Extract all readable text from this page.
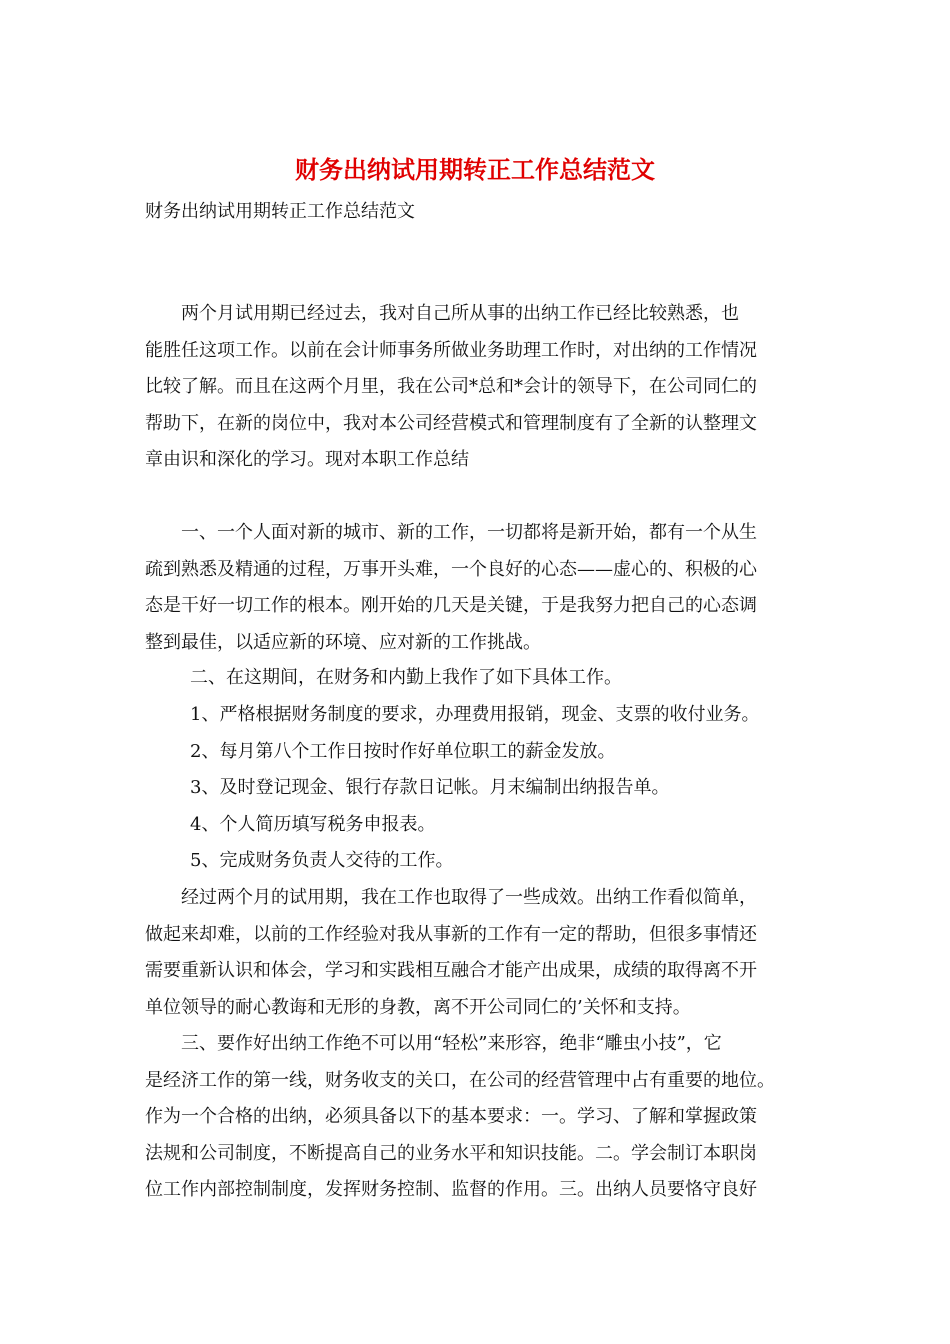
财务出纳试用期转正工作总结范文
财务出纳试用期转正工作总结范文

　　两个月试用期已经过去，我对自己所从事的出纳工作已经比较熟悉，也
能胜任这项工作。以前在会计师事务所做业务助理工作时，对出纳的工作情况
比较了解。而且在这两个月里，我在公司*总和*会计的领导下，在公司同仁的
帮助下，在新的岗位中，我对本公司经营模式和管理制度有了全新的认整理文
章由识和深化的学习。现对本职工作总结

　　一、一个人面对新的城市、新的工作，一切都将是新开始，都有一个从生
疏到熟悉及精通的过程，万事开头难，一个良好的心态——虚心的、积极的心
态是干好一切工作的根本。刚开始的几天是关键，于是我努力把自己的心态调
整到最佳，以适应新的环境、应对新的工作挑战。

二、在这期间，在财务和内勤上我作了如下具体工作。
1、严格根据财务制度的要求，办理费用报销，现金、支票的收付业务。
2、每月第八个工作日按时作好单位职工的薪金发放。
3、及时登记现金、银行存款日记帐。月末编制出纳报告单。
4、个人简历填写税务申报表。
5、完成财务负责人交待的工作。

　　经过两个月的试用期，我在工作也取得了一些成效。出纳工作看似简单，
做起来却难，以前的工作经验对我从事新的工作有一定的帮助，但很多事情还
需要重新认识和体会，学习和实践相互融合才能产出成果，成绩的取得离不开
单位领导的耐心教诲和无形的身教，离不开公司同仁的’关怀和支持。

　　三、要作好出纳工作绝不可以用“轻松”来形容，绝非“雕虫小技”，它
是经济工作的第一线，财务收支的关口，在公司的经营管理中占有重要的地位。
作为一个合格的出纳，必须具备以下的基本要求：一。学习、了解和掌握政策
法规和公司制度，不断提高自己的业务水平和知识技能。二。学会制订本职岗
位工作内部控制制度，发挥财务控制、监督的作用。三。出纳人员要恪守良好
